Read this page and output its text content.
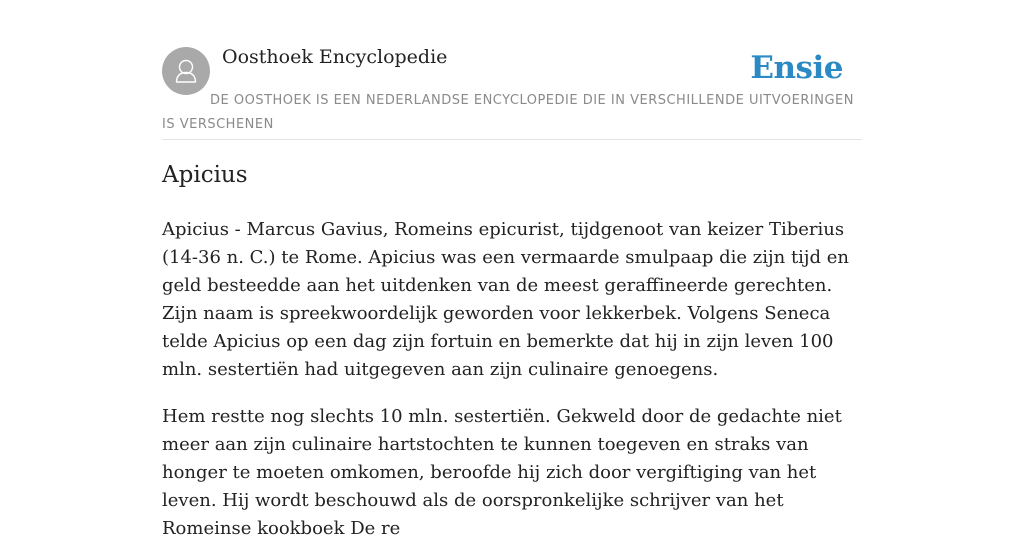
Oosthoek Encyclopedie	Ensie
DE OOSTHOEK IS EEN NEDERLANDSE ENCYCLOPEDIE DIE IN VERSCHILLENDE UITVOERINGEN IS VERSCHENEN
Apicius

Apicius - Marcus Gavius, Romeins epicurist, tijdgenoot van keizer Tiberius (14-36 n. C.) te Rome. Apicius was een vermaarde smulpaap die zijn tijd en geld besteedde aan het uitdenken van de meest geraffineerde gerechten. Zijn naam is spreekwoordelijk geworden voor lekkerbek. Volgens Seneca telde Apicius op een dag zijn fortuin en bemerkte dat hij in zijn leven 100 mln. sestertiën had uitgegeven aan zijn culinaire genoegens.

Hem restte nog slechts 10 mln. sestertiën. Gekweld door de gedachte niet meer aan zijn culinaire hartstochten te kunnen toegeven en straks van honger te moeten omkomen, beroofde hij zich door vergiftiging van het leven. Hij wordt beschouwd als de oorspronkelijke schrijver van het Romeinse kookboek De re
